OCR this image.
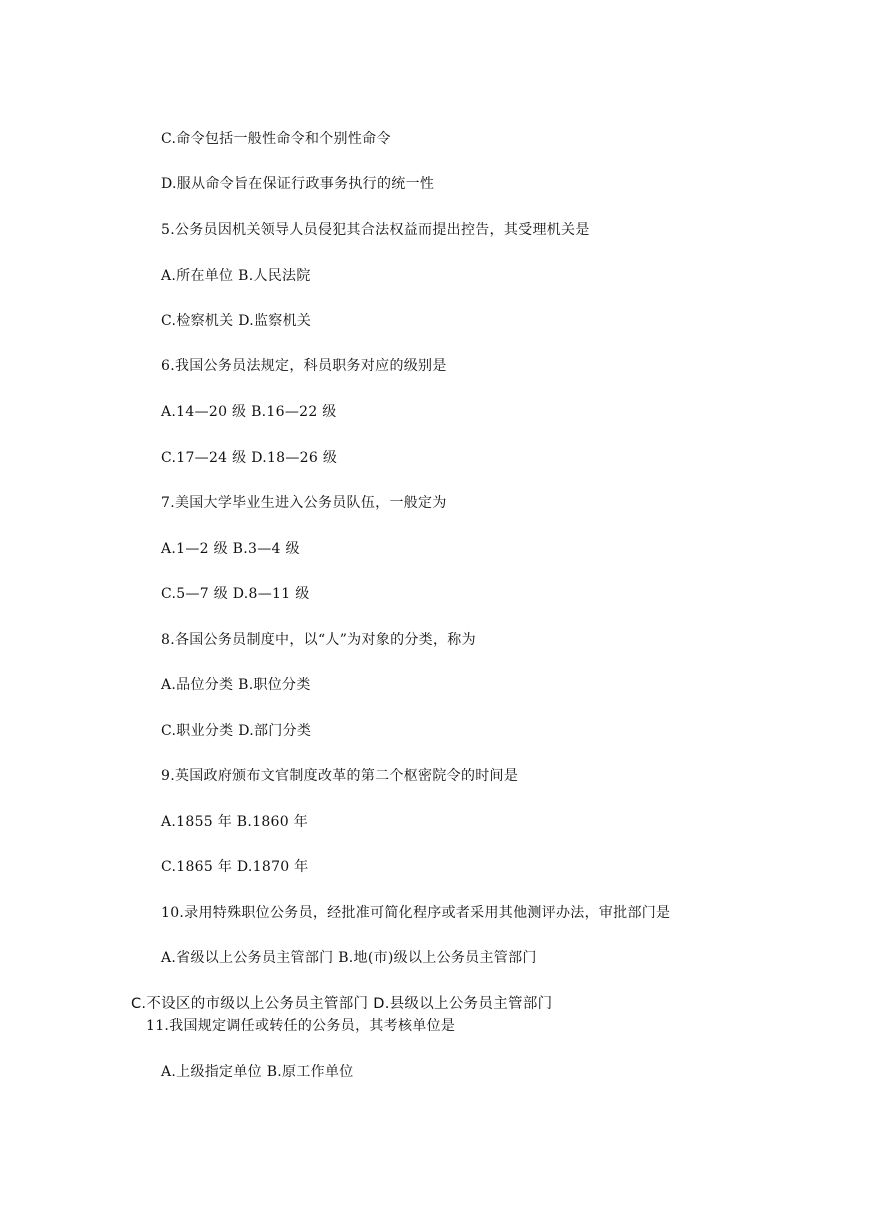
C.命令包括一般性命令和个别性命令
D.服从命令旨在保证行政事务执行的统一性
5.公务员因机关领导人员侵犯其合法权益而提出控告，其受理机关是
A.所在单位 B.人民法院
C.检察机关 D.监察机关
6.我国公务员法规定，科员职务对应的级别是
A.14—20 级 B.16—22 级
C.17—24 级 D.18—26 级
7.美国大学毕业生进入公务员队伍，一般定为
A.1—2 级 B.3—4 级
C.5—7 级 D.8—11 级
8.各国公务员制度中，以“人”为对象的分类，称为
A.品位分类 B.职位分类
C.职业分类 D.部门分类
9.英国政府颁布文官制度改革的第二个枢密院令的时间是
A.1855 年 B.1860 年
C.1865 年 D.1870 年
10.录用特殊职位公务员，经批准可简化程序或者采用其他测评办法，审批部门是
A.省级以上公务员主管部门 B.地(市)级以上公务员主管部门
C.不设区的市级以上公务员主管部门 D.县级以上公务员主管部门
11.我国规定调任或转任的公务员，其考核单位是
A.上级指定单位 B.原工作单位
